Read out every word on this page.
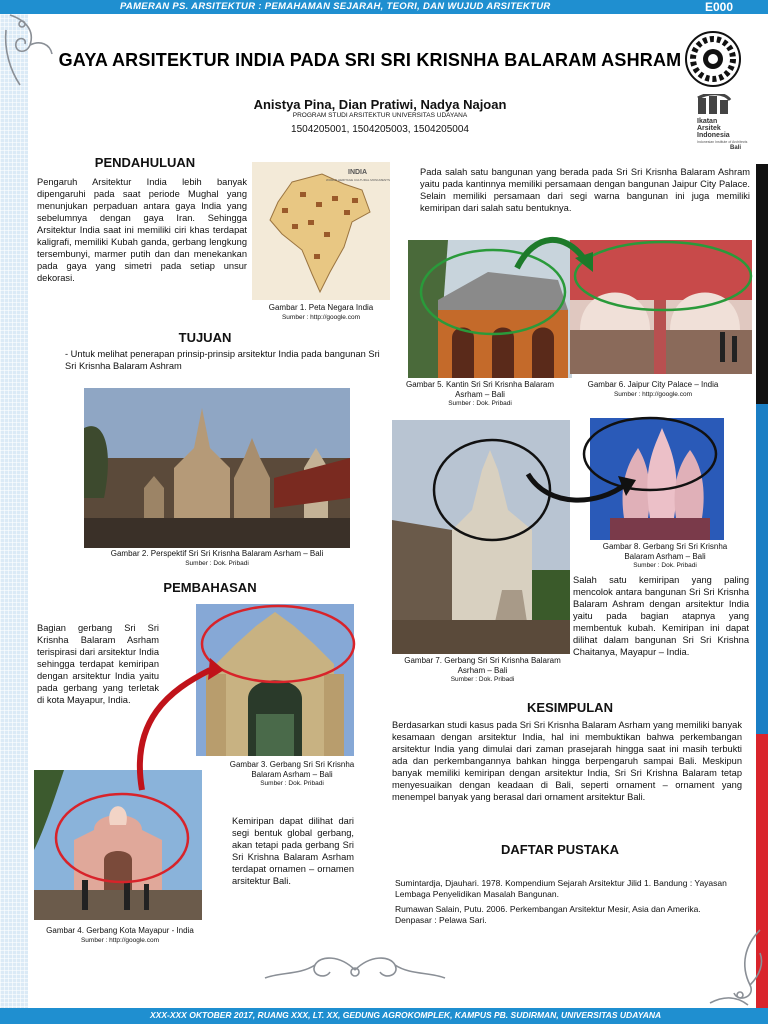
PAMERAN PS. ARSITEKTUR : PEMAHAMAN SEJARAH, TEORI, DAN WUJUD ARSITEKTUR	E000
XXX-XXX OKTOBER 2017, RUANG XXX, LT. XX, GEDUNG AGROKOMPLEK, KAMPUS PB. SUDIRMAN, UNIVERSITAS UDAYANA
GAYA ARSITEKTUR INDIA PADA SRI SRI KRISNHA BALARAM ASHRAM
Anistya Pina, Dian Pratiwi, Nadya Najoan
PROGRAM STUDI ARSITEKTUR UNIVERSITAS UDAYANA
1504205001, 1504205003, 1504205004
Ikatan
Arsitek
Indonesia
Indonesian Institute of Architects
Bali
PENDAHULUAN
Pengaruh Arsitektur India lebih banyak dipengaruhi pada saat periode Mughal yang menunjukan perpaduan antara gaya India yang sebelumnya dengan gaya Iran. Sehingga Arsitektur India saat ini memiliki ciri khas terdapat kaligrafi, memiliki Kubah ganda, gerbang lengkung tersembunyi, marmer putih dan dan menekankan pada gaya yang simetri pada setiap unsur dekorasi.
INDIA
WORLD HERITAGE CULTURAL MONUMENTS
Gambar 1. Peta Negara India
Sumber : http://google.com
TUJUAN
- Untuk melihat penerapan prinsip-prinsip arsitektur India pada bangunan Sri Sri Krisnha Balaram Ashram
Gambar 2. Perspektif Sri Sri Krisnha Balaram Asrham – Bali
Sumber : Dok. Pribadi
PEMBAHASAN
Bagian gerbang Sri Sri Krisnha Balaram Asrham terispirasi dari arsitektur India sehingga terdapat kemiripan dengan arsitektur India yaitu pada gerbang yang terletak di kota Mayapur, India.
Gambar 3. Gerbang Sri Sri Krisnha Balaram Asrham – Bali
Sumber : Dok. Pribadi
Gambar 4. Gerbang Kota Mayapur - India
Sumber : http://google.com
Kemiripan dapat dilihat dari segi bentuk global gerbang, akan tetapi pada gerbang Sri Sri Krishna Balaram Asrham terdapat ornamen – ornamen arsitektur Bali.
Pada salah satu bangunan yang berada pada Sri Sri Krisnha Balaram Ashram yaitu pada kantinnya memiliki persamaan dengan bangunan Jaipur City Palace. Selain memiliki persamaan dari segi warna bangunan ini juga memiliki kemiripan dari salah satu bentuknya.
Gambar 5. Kantin Sri Sri Krisnha Balaram Asrham – Bali
Sumber : Dok. Pribadi
Gambar 6. Jaipur City Palace – India
Sumber : http://google.com
Gambar 7. Gerbang Sri Sri Krisnha Balaram Asrham – Bali
Sumber : Dok. Pribadi
Gambar 8. Gerbang Sri Sri Krisnha Balaram Asrham – Bali
Sumber : Dok. Pribadi
Salah satu kemiripan yang paling mencolok antara bangunan Sri Sri Krisnha Balaram Ashram dengan arsitektur India yaitu pada bagian atapnya yang membentuk kubah. Kemiripan ini dapat dilihat dalam bangunan Sri Sri Krishna Chaitanya, Mayapur – India.
KESIMPULAN
Berdasarkan studi kasus pada Sri Sri Krisnha Balaram Asrham yang memiliki banyak kesamaan dengan arsitektur India, hal ini membuktikan bahwa perkembangan arsitektur India yang dimulai dari zaman prasejarah hingga saat ini masih terbukti ada dan perkembangannya bahkan hingga berpengaruh sampai Bali. Meskipun banyak memiliki kemiripan dengan arsitektur India, Sri Sri Krishna Balaram tetap menyesuaikan dengan keadaan di Bali, seperti ornament – ornament yang menempel banyak yang berasal dari ornament arsitektur Bali.
DAFTAR PUSTAKA
Sumintardja, Djauhari. 1978. Kompendium Sejarah Arsitektur Jilid 1. Bandung : Yayasan Lembaga Penyelidikan Masalah Bangunan.
Rumawan Salain, Putu. 2006. Perkembangan Arsitektur Mesir, Asia dan Amerika. Denpasar : Pelawa Sari.
